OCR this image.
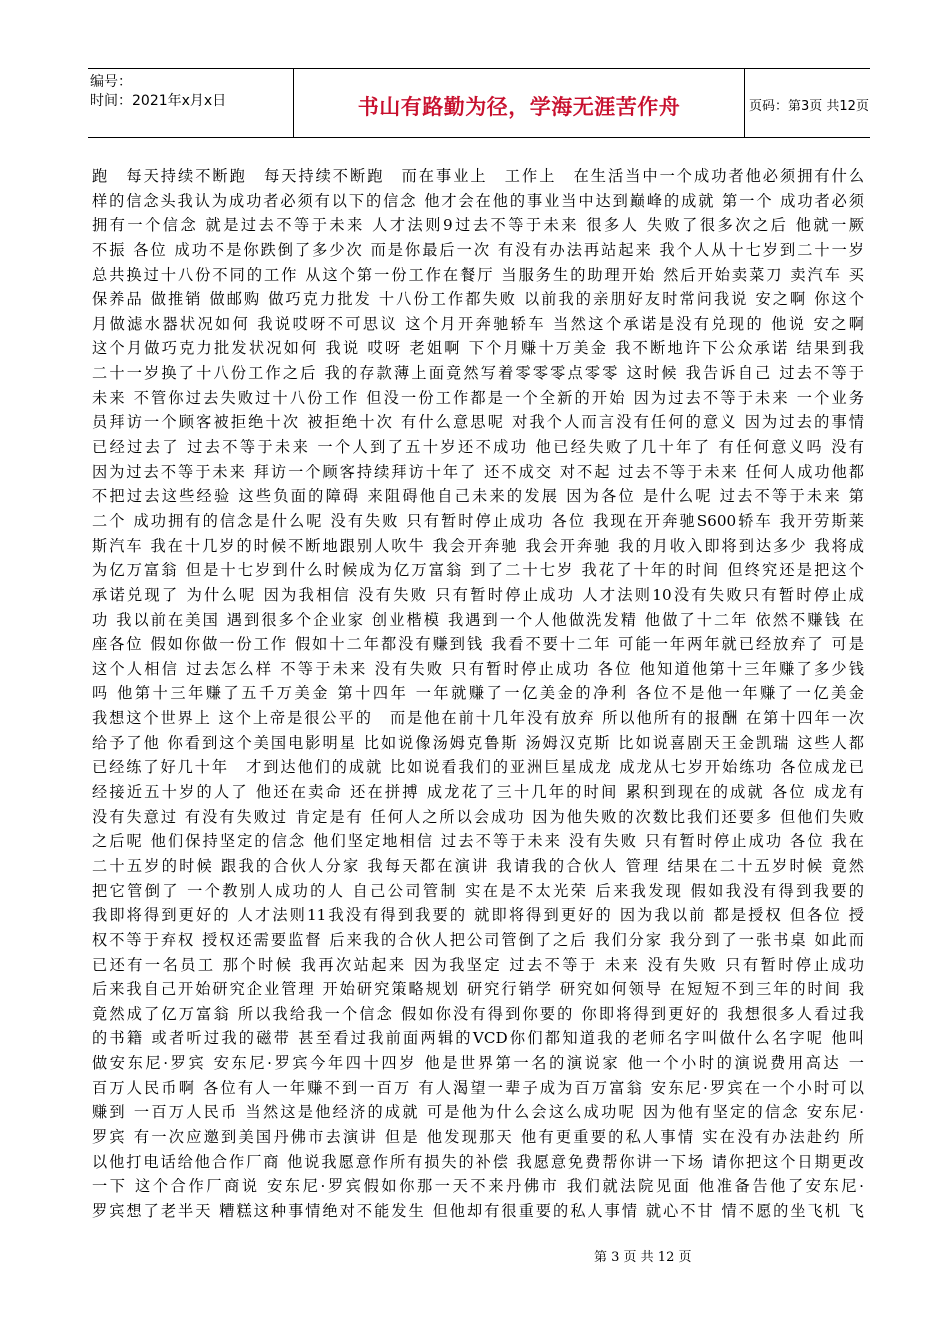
编号：
时间：2021年x月x日	书山有路勤为径，学海无涯苦作舟	页码：第3页 共12页
跑　每天持续不断跑　每天持续不断跑　而在事业上　工作上　在生活当中一个成功者他必须拥有什么
样的信念头我认为成功者必须有以下的信念 他才会在他的事业当中达到巅峰的成就 第一个 成功者必须
拥有一个信念 就是过去不等于未来 人才法则9过去不等于未来 很多人 失败了很多次之后 他就一厥
不振 各位 成功不是你跌倒了多少次 而是你最后一次 有没有办法再站起来 我个人从十七岁到二十一岁
总共换过十八份不同的工作 从这个第一份工作在餐厅 当服务生的助理开始 然后开始卖菜刀 卖汽车 买
保养品 做推销 做邮购 做巧克力批发 十八份工作都失败 以前我的亲朋好友时常问我说 安之啊 你这个
月做滤水器状况如何 我说哎呀不可思议 这个月开奔驰轿车 当然这个承诺是没有兑现的 他说 安之啊
这个月做巧克力批发状况如何 我说 哎呀 老姐啊 下个月赚十万美金 我不断地许下公众承诺 结果到我
二十一岁换了十八份工作之后 我的存款薄上面竟然写着零零零点零零 这时候 我告诉自己 过去不等于
未来 不管你过去失败过十八份工作 但没一份工作都是一个全新的开始 因为过去不等于未来 一个业务
员拜访一个顾客被拒绝十次 被拒绝十次 有什么意思呢 对我个人而言没有任何的意义 因为过去的事情
已经过去了 过去不等于未来 一个人到了五十岁还不成功 他已经失败了几十年了 有任何意义吗 没有
因为过去不等于未来 拜访一个顾客持续拜访十年了 还不成交 对不起 过去不等于未来 任何人成功他都
不把过去这些经验 这些负面的障碍 来阻碍他自己未来的发展 因为各位 是什么呢 过去不等于未来 第
二个 成功拥有的信念是什么呢 没有失败 只有暂时停止成功 各位 我现在开奔驰S600轿车 我开劳斯莱
斯汽车 我在十几岁的时候不断地跟别人吹牛 我会开奔驰 我会开奔驰 我的月收入即将到达多少 我将成
为亿万富翁 但是十七岁到什么时候成为亿万富翁 到了二十七岁 我花了十年的时间 但终究还是把这个
承诺兑现了 为什么呢 因为我相信 没有失败 只有暂时停止成功 人才法则10没有失败只有暂时停止成
功 我以前在美国 遇到很多个企业家 创业楷模 我遇到一个人他做洗发精 他做了十二年 依然不赚钱 在
座各位 假如你做一份工作 假如十二年都没有赚到钱 我看不要十二年 可能一年两年就已经放弃了 可是
这个人相信 过去怎么样 不等于未来 没有失败 只有暂时停止成功 各位 他知道他第十三年赚了多少钱
吗 他第十三年赚了五千万美金 第十四年 一年就赚了一亿美金的净利 各位不是他一年赚了一亿美金
我想这个世界上 这个上帝是很公平的　而是他在前十几年没有放弃 所以他所有的报酬 在第十四年一次
给予了他 你看到这个美国电影明星 比如说像汤姆克鲁斯 汤姆汉克斯 比如说喜剧天王金凯瑞 这些人都
已经练了好几十年　才到达他们的成就 比如说看我们的亚洲巨星成龙 成龙从七岁开始练功 各位成龙已
经接近五十岁的人了 他还在卖命 还在拼搏 成龙花了三十几年的时间 累积到现在的成就 各位 成龙有
没有失意过 有没有失败过 肯定是有 任何人之所以会成功 因为他失败的次数比我们还要多 但他们失败
之后呢 他们保持坚定的信念 他们坚定地相信 过去不等于未来 没有失败 只有暂时停止成功 各位 我在
二十五岁的时候 跟我的合伙人分家 我每天都在演讲 我请我的合伙人 管理 结果在二十五岁时候 竟然
把它管倒了 一个教别人成功的人 自己公司管制 实在是不太光荣 后来我发现 假如我没有得到我要的
我即将得到更好的 人才法则11我没有得到我要的 就即将得到更好的 因为我以前 都是授权 但各位 授
权不等于弃权 授权还需要监督 后来我的合伙人把公司管倒了之后 我们分家 我分到了一张书桌 如此而
已还有一名员工 那个时候 我再次站起来 因为我坚定 过去不等于 未来 没有失败 只有暂时停止成功
后来我自己开始研究企业管理 开始研究策略规划 研究行销学 研究如何领导 在短短不到三年的时间 我
竟然成了亿万富翁 所以我给我一个信念 假如你没有得到你要的 你即将得到更好的 我想很多人看过我
的书籍 或者听过我的磁带 甚至看过我前面两辑的VCD你们都知道我的老师名字叫做什么名字呢 他叫
做安东尼·罗宾 安东尼·罗宾今年四十四岁 他是世界第一名的演说家 他一个小时的演说费用高达 一
百万人民币啊 各位有人一年赚不到一百万 有人渴望一辈子成为百万富翁 安东尼·罗宾在一个小时可以
赚到 一百万人民币 当然这是他经济的成就 可是他为什么会这么成功呢 因为他有坚定的信念 安东尼·
罗宾 有一次应邀到美国丹佛市去演讲 但是 他发现那天 他有更重要的私人事情 实在没有办法赴约 所
以他打电话给他合作厂商 他说我愿意作所有损失的补偿 我愿意免费帮你讲一下场 请你把这个日期更改
一下 这个合作厂商说 安东尼·罗宾假如你那一天不来丹佛市 我们就法院见面 他准备告他了安东尼·
罗宾想了老半天 糟糕这种事情绝对不能发生 但他却有很重要的私人事情 就心不甘 情不愿的坐飞机 飞
第 3 页 共 12 页
